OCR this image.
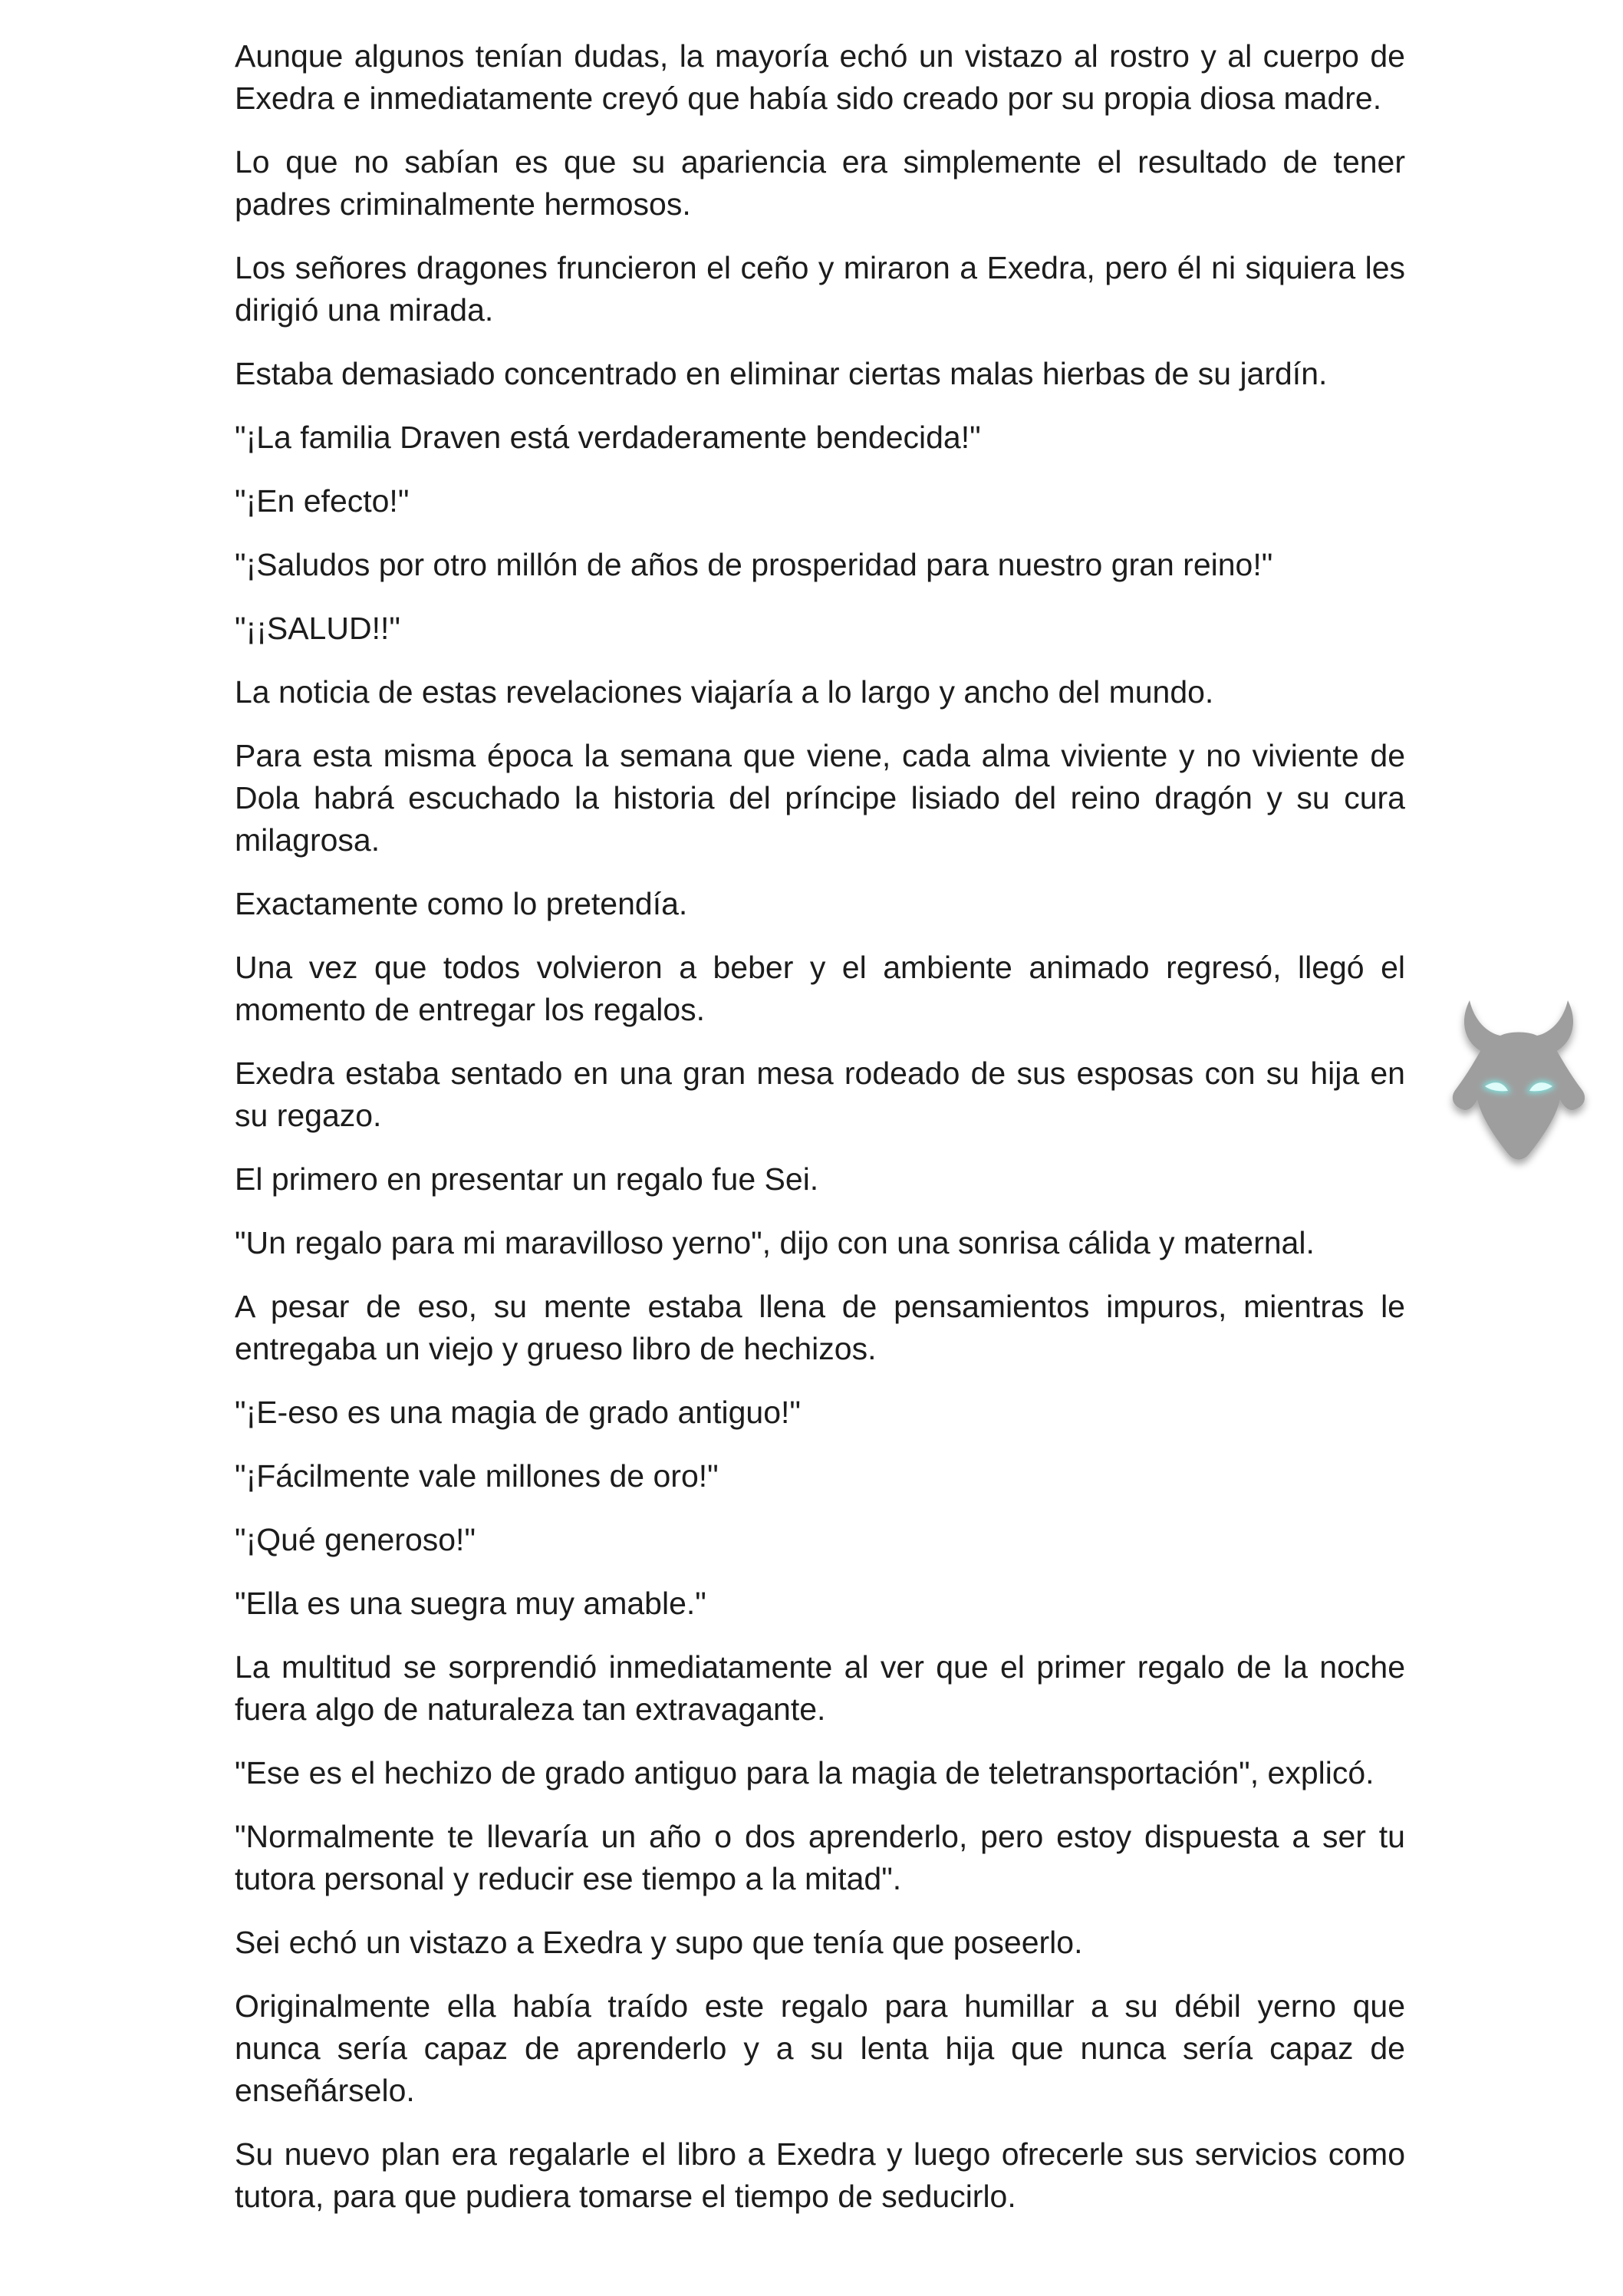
Aunque algunos tenían dudas, la mayoría echó un vistazo al rostro y al cuerpo de Exedra e inmediatamente creyó que había sido creado por su propia diosa madre.

Lo que no sabían es que su apariencia era simplemente el resultado de tener padres criminalmente hermosos.

Los señores dragones fruncieron el ceño y miraron a Exedra, pero él ni siquiera les dirigió una mirada.

Estaba demasiado concentrado en eliminar ciertas malas hierbas de su jardín.

"¡La familia Draven está verdaderamente bendecida!"

"¡En efecto!"

"¡Saludos por otro millón de años de prosperidad para nuestro gran reino!"

"¡¡SALUD!!"

La noticia de estas revelaciones viajaría a lo largo y ancho del mundo.

Para esta misma época la semana que viene, cada alma viviente y no viviente de Dola habrá escuchado la historia del príncipe lisiado del reino dragón y su cura milagrosa.

Exactamente como lo pretendía.

Una vez que todos volvieron a beber y el ambiente animado regresó, llegó el momento de entregar los regalos.

Exedra estaba sentado en una gran mesa rodeado de sus esposas con su hija en su regazo.

El primero en presentar un regalo fue Sei.

"Un regalo para mi maravilloso yerno", dijo con una sonrisa cálida y maternal.

A pesar de eso, su mente estaba llena de pensamientos impuros, mientras le entregaba un viejo y grueso libro de hechizos.

"¡E-eso es una magia de grado antiguo!"

"¡Fácilmente vale millones de oro!"

"¡Qué generoso!"

"Ella es una suegra muy amable."

La multitud se sorprendió inmediatamente al ver que el primer regalo de la noche fuera algo de naturaleza tan extravagante.

"Ese es el hechizo de grado antiguo para la magia de teletransportación", explicó.

"Normalmente te llevaría un año o dos aprenderlo, pero estoy dispuesta a ser tu tutora personal y reducir ese tiempo a la mitad".

Sei echó un vistazo a Exedra y supo que tenía que poseerlo.

Originalmente ella había traído este regalo para humillar a su débil yerno que nunca sería capaz de aprenderlo y a su lenta hija que nunca sería capaz de enseñárselo.

Su nuevo plan era regalarle el libro a Exedra y luego ofrecerle sus servicios como tutora, para que pudiera tomarse el tiempo de seducirlo.
